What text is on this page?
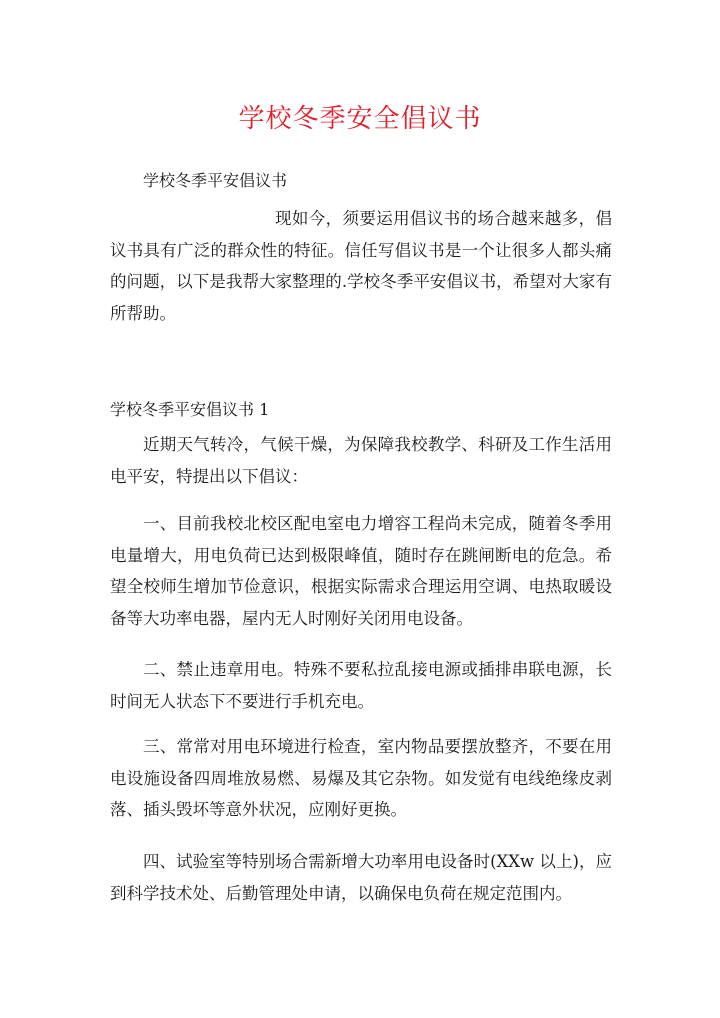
学校冬季安全倡议书

学校冬季平安倡议书

现如今，须要运用倡议书的场合越来越多，倡议书具有广泛的群众性的特征。信任写倡议书是一个让很多人都头痛的问题，以下是我帮大家整理的.学校冬季平安倡议书，希望对大家有所帮助。

学校冬季平安倡议书 1

近期天气转冷，气候干燥，为保障我校教学、科研及工作生活用电平安，特提出以下倡议：

一、目前我校北校区配电室电力增容工程尚未完成，随着冬季用电量增大，用电负荷已达到极限峰值，随时存在跳闸断电的危急。希望全校师生增加节俭意识，根据实际需求合理运用空调、电热取暖设备等大功率电器，屋内无人时刚好关闭用电设备。

二、禁止违章用电。特殊不要私拉乱接电源或插排串联电源，长时间无人状态下不要进行手机充电。

三、常常对用电环境进行检查，室内物品要摆放整齐，不要在用电设施设备四周堆放易燃、易爆及其它杂物。如发觉有电线绝缘皮剥落、插头毁坏等意外状况，应刚好更换。

四、试验室等特别场合需新增大功率用电设备时(XXw 以上)，应到科学技术处、后勤管理处申请，以确保电负荷在规定范围内。
